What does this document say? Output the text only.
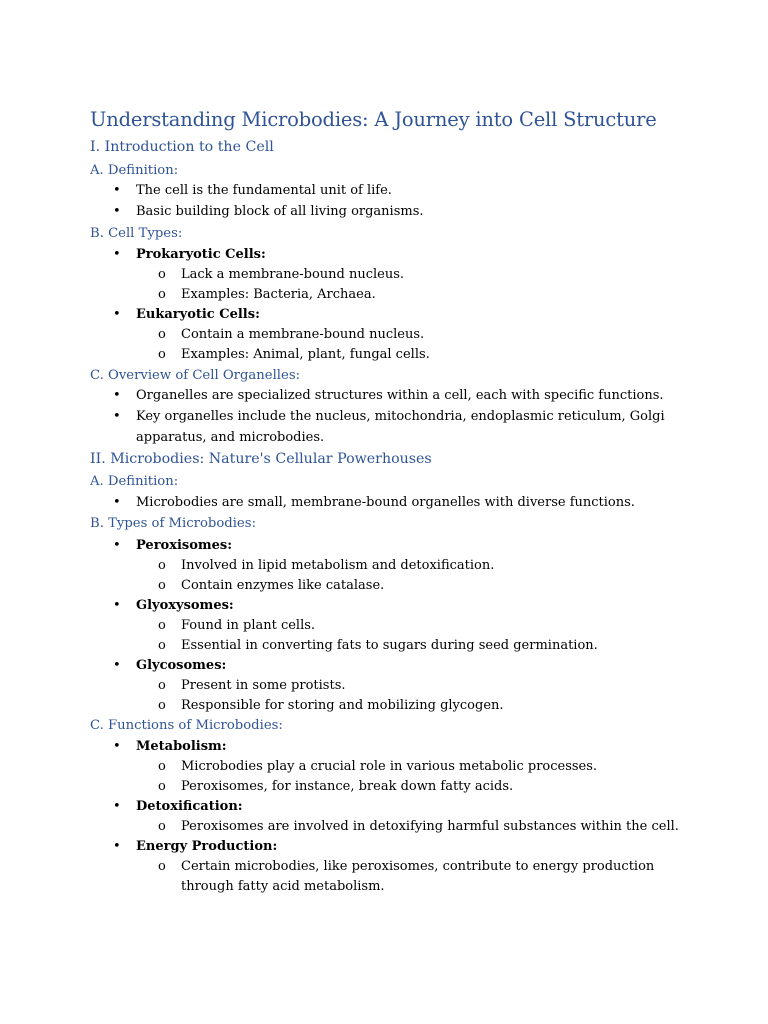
Understanding Microbodies: A Journey into Cell Structure
I. Introduction to the Cell
A. Definition:
• The cell is the fundamental unit of life.
• Basic building block of all living organisms.
B. Cell Types:
• Prokaryotic Cells:
o Lack a membrane-bound nucleus.
o Examples: Bacteria, Archaea.
• Eukaryotic Cells:
o Contain a membrane-bound nucleus.
o Examples: Animal, plant, fungal cells.
C. Overview of Cell Organelles:
• Organelles are specialized structures within a cell, each with specific functions.
• Key organelles include the nucleus, mitochondria, endoplasmic reticulum, Golgi
apparatus, and microbodies.
II. Microbodies: Nature's Cellular Powerhouses
A. Definition:
• Microbodies are small, membrane-bound organelles with diverse functions.
B. Types of Microbodies:
• Peroxisomes:
o Involved in lipid metabolism and detoxification.
o Contain enzymes like catalase.
• Glyoxysomes:
o Found in plant cells.
o Essential in converting fats to sugars during seed germination.
• Glycosomes:
o Present in some protists.
o Responsible for storing and mobilizing glycogen.
C. Functions of Microbodies:
• Metabolism:
o Microbodies play a crucial role in various metabolic processes.
o Peroxisomes, for instance, break down fatty acids.
• Detoxification:
o Peroxisomes are involved in detoxifying harmful substances within the cell.
• Energy Production:
o Certain microbodies, like peroxisomes, contribute to energy production
through fatty acid metabolism.
